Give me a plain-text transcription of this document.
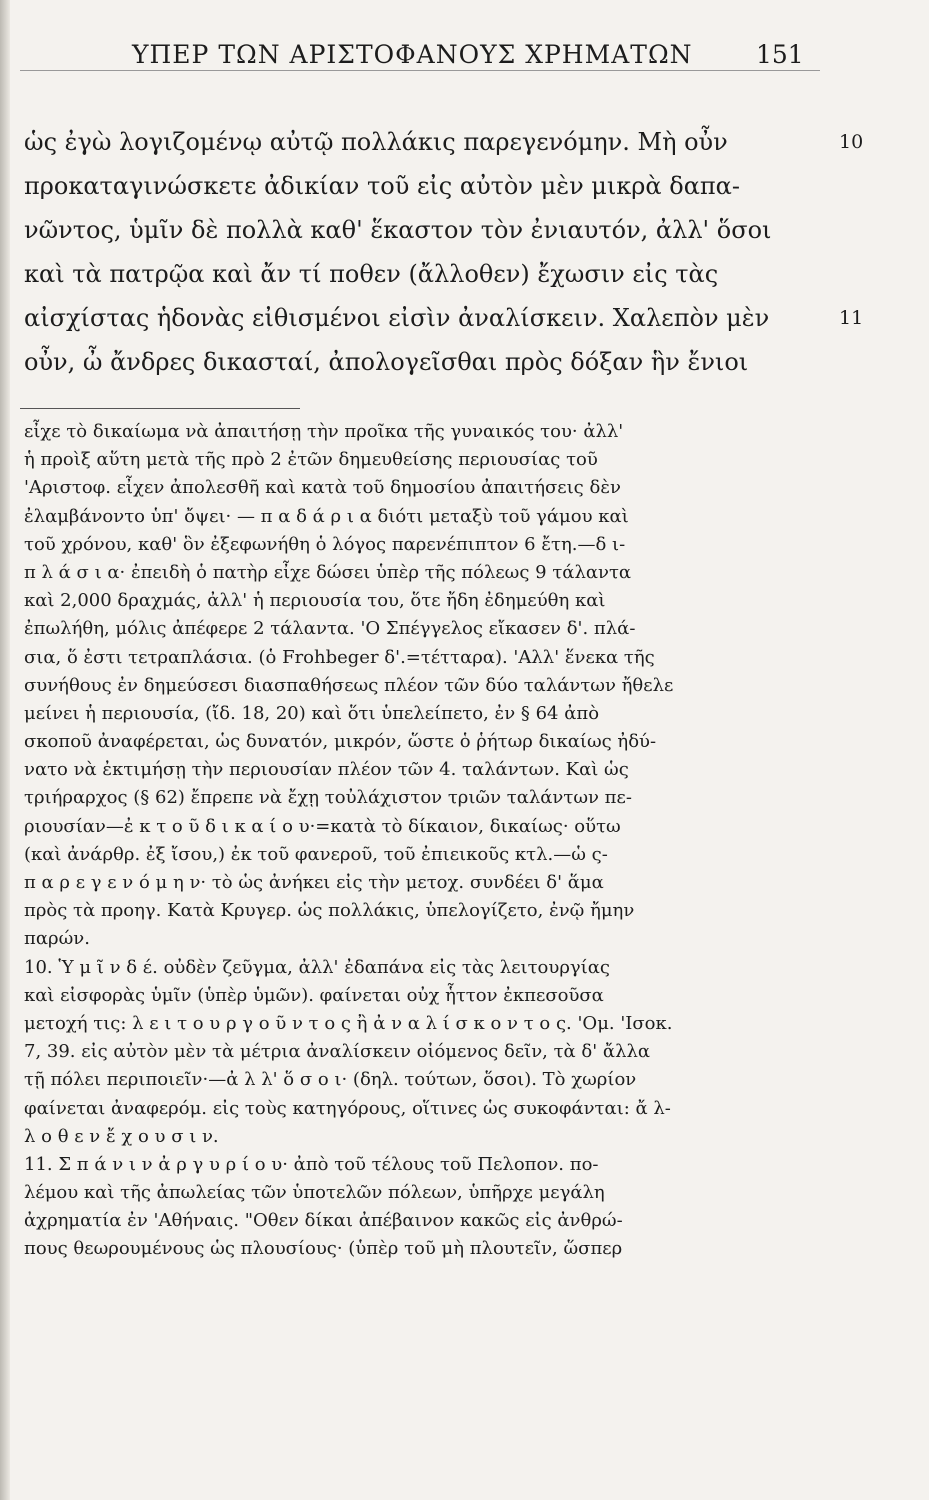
ΥΠΕΡ ΤΩΝ ΑΡΙΣΤΟΦΑΝΟΥΣ ΧΡΗΜΑΤΩΝ	151
ὡς ἐγὼ λογιζομένῳ αὐτῷ πολλάκις παρεγενόμην. Μὴ οὖν	10
προκαταγινώσκετε ἀδικίαν τοῦ εἰς αὐτὸν μὲν μικρὰ δαπα-
νῶντος, ὑμῖν δὲ πολλὰ καθ' ἕκαστον τὸν ἐνιαυτόν, ἀλλ' ὅσοι
καὶ τὰ πατρῷα καὶ ἄν τί ποθεν (ἄλλοθεν) ἔχωσιν εἰς τὰς
αἰσχίστας ἡδονὰς εἰθισμένοι εἰσὶν ἀναλίσκειν. Χαλεπὸν μὲν	11
οὖν, ὦ ἄνδρες δικασταί, ἀπολογεῖσθαι πρὸς δόξαν ἣν ἔνιοι
εἶχε τὸ δικαίωμα νὰ ἀπαιτήσῃ τὴν προῖκα τῆς γυναικός του· ἀλλ'
ἡ προὶξ αὕτη μετὰ τῆς πρὸ 2 ἐτῶν δημευθείσης περιουσίας τοῦ
'Αριστοφ. εἶχεν ἀπολεσθῆ καὶ κατὰ τοῦ δημοσίου ἀπαιτήσεις δὲν
ἐλαμβάνοντο ὑπ' ὄψει· — π α δ ά ρ ι α διότι μεταξὺ τοῦ γάμου καὶ
τοῦ χρόνου, καθ' ὃν ἐξεφωνήθη ὁ λόγος παρενέπιπτον 6 ἔτη.—δ ι-
π λ ά σ ι α· ἐπειδὴ ὁ πατὴρ εἶχε δώσει ὑπὲρ τῆς πόλεως 9 τάλαντα
καὶ 2,000 δραχμάς, ἀλλ' ἡ περιουσία του, ὅτε ἤδη ἐδημεύθη καὶ
ἐπωλήθη, μόλις ἀπέφερε 2 τάλαντα. 'Ο Σπέγγελος εἴκασεν δ'. πλά-
σια, ὅ ἐστι τετραπλάσια. (ὁ Frohbeger δ'.=τέτταρα). 'Αλλ' ἕνεκα τῆς
συνήθους ἐν δημεύσεσι διασπαθήσεως πλέον τῶν δύο ταλάντων ἤθελε
μείνει ἡ περιουσία, (ἴδ. 18, 20) καὶ ὅτι ὑπελείπετο, ἐν § 64 ἀπὸ
σκοποῦ ἀναφέρεται, ὡς δυνατόν, μικρόν, ὥστε ὁ ῥήτωρ δικαίως ἠδύ-
νατο νὰ ἐκτιμήσῃ τὴν περιουσίαν πλέον τῶν 4. ταλάντων. Καὶ ὡς
τριήραρχος (§ 62) ἔπρεπε νὰ ἔχῃ τοὐλάχιστον τριῶν ταλάντων πε-
ριουσίαν—ἐ κ τ ο ῦ δ ι κ α ί ο υ·=κατὰ τὸ δίκαιον, δικαίως· οὕτω
(καὶ ἀνάρθρ. ἐξ ἴσου,) ἐκ τοῦ φανεροῦ, τοῦ ἐπιεικοῦς κτλ.—ὡ ς-
π α ρ ε γ ε ν ό μ η ν· τὸ ὡς ἀνήκει εἰς τὴν μετοχ. συνδέει δ' ἅμα
πρὸς τὰ προηγ. Κατὰ Κρυγερ. ὡς πολλάκις, ὑπελογίζετο, ἐνῷ ἤμην
παρών.
10. Ὑ μ ῖ ν δ έ. οὐδὲν ζεῦγμα, ἀλλ' ἐδαπάνα εἰς τὰς λειτουργίας
καὶ εἰσφορὰς ὑμῖν (ὑπὲρ ὑμῶν). φαίνεται οὐχ ἧττον ἐκπεσοῦσα
μετοχή τις: λ ε ι τ ο υ ρ γ ο ῦ ν τ ο ς ἢ ἀ ν α λ ί σ κ ο ν τ ο ς. 'Ομ. 'Ισοκ.
7, 39. εἰς αὐτὸν μὲν τὰ μέτρια ἀναλίσκειν οἰόμενος δεῖν, τὰ δ' ἄλλα
τῇ πόλει περιποιεῖν·—ἀ λ λ' ὅ σ ο ι· (δηλ. τούτων, ὅσοι). Τὸ χωρίον
φαίνεται ἀναφερόμ. εἰς τοὺς κατηγόρους, οἵτινες ὡς συκοφάνται: ἄ λ-
λ ο θ ε ν ἔ χ ο υ σ ι ν.
11. Σ π ά ν ι ν ἀ ρ γ υ ρ ί ο υ· ἀπὸ τοῦ τέλους τοῦ Πελοπον. πο-
λέμου καὶ τῆς ἀπωλείας τῶν ὑποτελῶν πόλεων, ὑπῆρχε μεγάλη
ἀχρηματία ἐν 'Αθήναις. "Οθεν δίκαι ἀπέβαινον κακῶς εἰς ἀνθρώ-
πους θεωρουμένους ὡς πλουσίους· (ὑπὲρ τοῦ μὴ πλουτεῖν, ὥσπερ
